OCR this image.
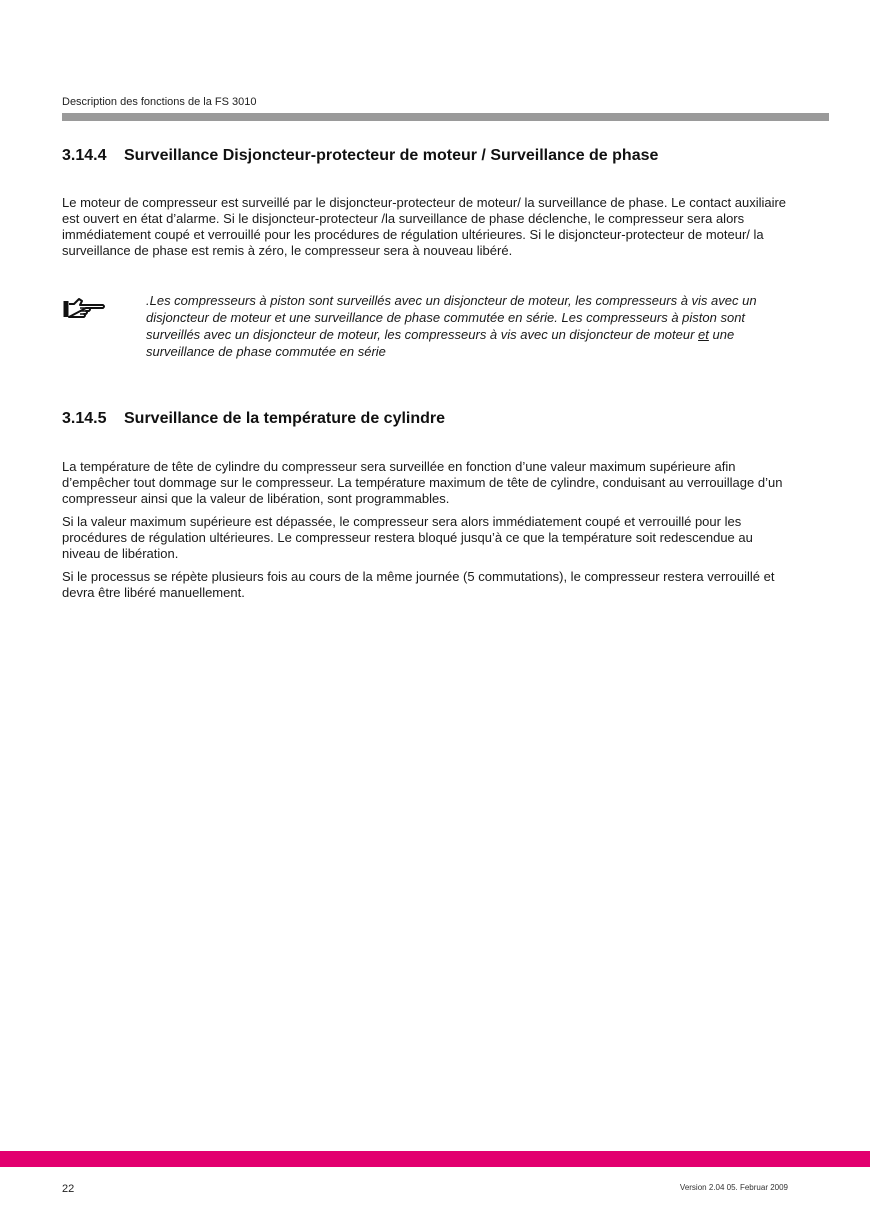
Description des fonctions de la FS 3010
3.14.4 Surveillance Disjoncteur-protecteur de moteur / Surveillance de phase

Le moteur de compresseur est surveillé par le disjoncteur-protecteur de moteur/ la surveillance de phase. Le contact auxiliaire est ouvert en état d’alarme. Si le disjoncteur-protecteur /la surveillance de phase déclenche, le compresseur sera alors immédiatement coupé et verrouillé pour les procédures de régulation ultérieures. Si le disjoncteur-protecteur de moteur/ la surveillance de phase est remis à zéro, le compresseur sera à nouveau libéré.

.Les compresseurs à piston sont surveillés avec un disjoncteur de moteur, les compresseurs à vis avec un disjoncteur de moteur et une surveillance de phase commutée en série. Les compresseurs à piston sont surveillés avec un disjoncteur de moteur, les compresseurs à vis avec un disjoncteur de moteur et une surveillance de phase commutée en série
3.14.5 Surveillance de la température de cylindre

La température de tête de cylindre du compresseur sera surveillée en fonction d’une valeur maximum supérieure afin d’empêcher tout dommage sur le compresseur. La température maximum de tête de cylindre, conduisant au verrouillage d’un compresseur ainsi que la valeur de libération, sont programmables.

Si la valeur maximum supérieure est dépassée, le compresseur sera alors immédiatement coupé et verrouillé pour les procédures de régulation ultérieures. Le compresseur restera bloqué jusqu’à ce que la température soit redescendue au niveau de libération.

Si le processus se répète plusieurs fois au cours de la même journée (5 commutations), le compresseur restera verrouillé et devra être libéré manuellement.

22	Version 2.04 05. Februar 2009
